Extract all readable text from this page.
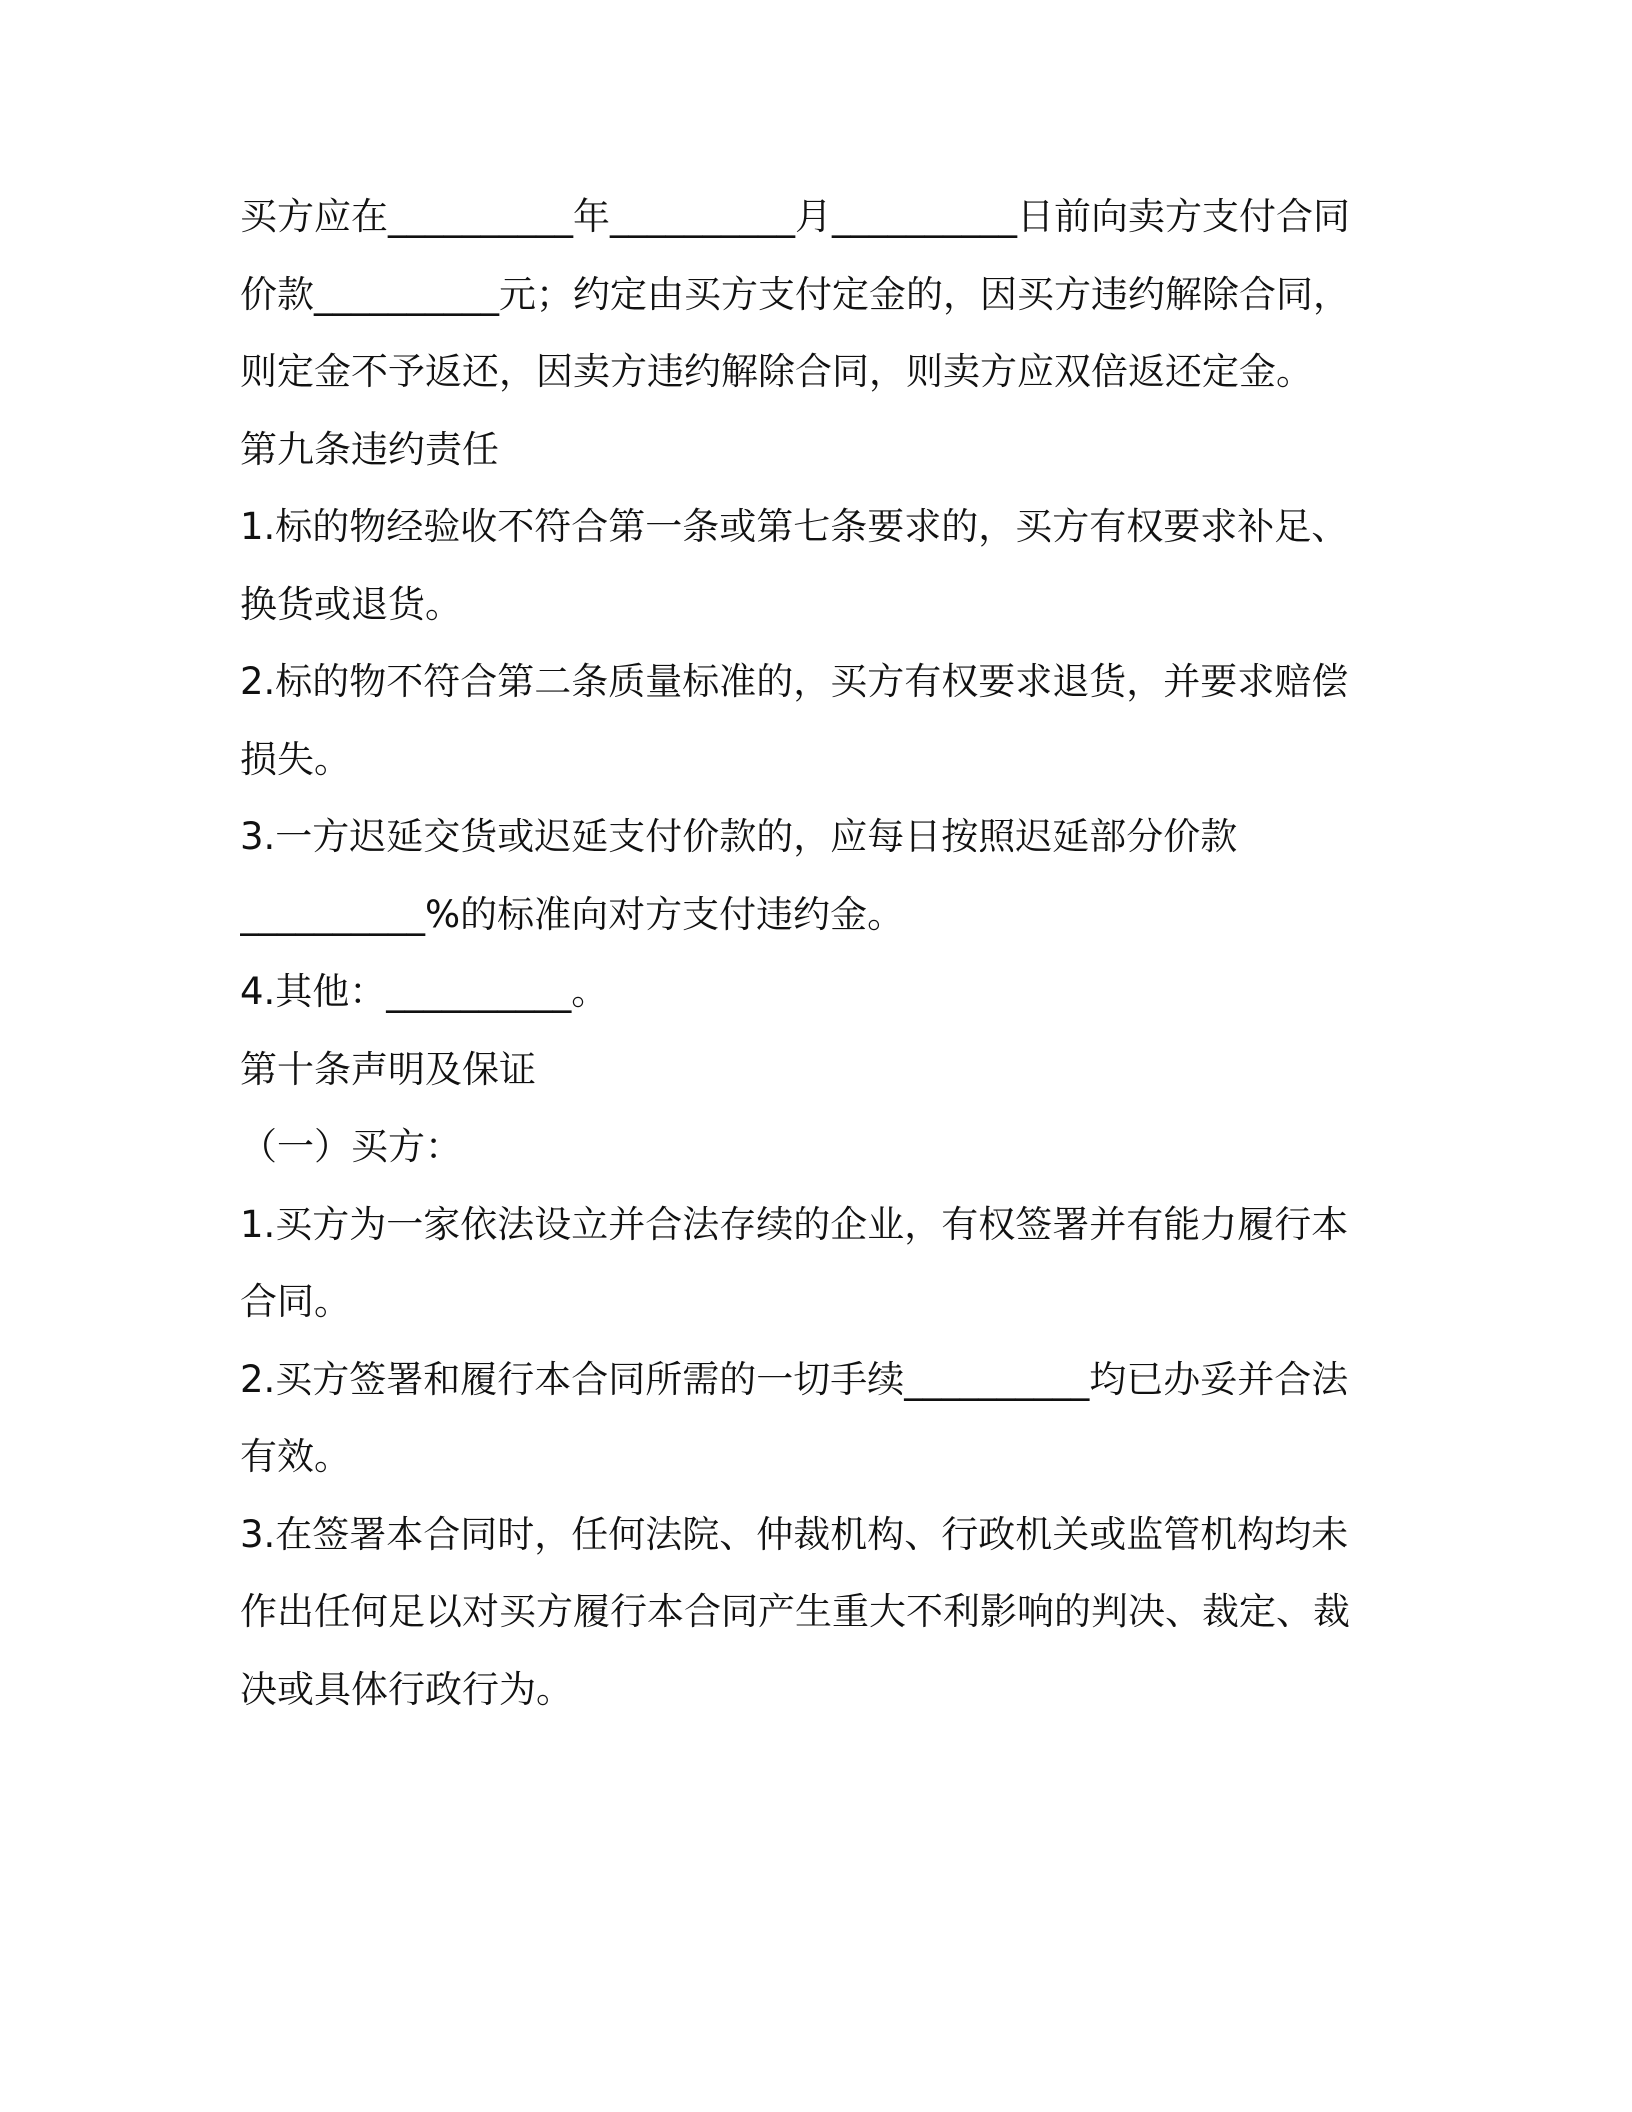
买方应在__________年__________月__________日前向卖方支付合同
价款__________元；约定由买方支付定金的，因买方违约解除合同，
则定金不予返还，因卖方违约解除合同，则卖方应双倍返还定金。
第九条违约责任
1.标的物经验收不符合第一条或第七条要求的，买方有权要求补足、
换货或退货。
2.标的物不符合第二条质量标准的，买方有权要求退货，并要求赔偿
损失。
3.一方迟延交货或迟延支付价款的，应每日按照迟延部分价款
__________%的标准向对方支付违约金。
4.其他：__________。
第十条声明及保证
（一）买方：
1.买方为一家依法设立并合法存续的企业，有权签署并有能力履行本
合同。
2.买方签署和履行本合同所需的一切手续__________均已办妥并合法
有效。
3.在签署本合同时，任何法院、仲裁机构、行政机关或监管机构均未
作出任何足以对买方履行本合同产生重大不利影响的判决、裁定、裁
决或具体行政行为。
